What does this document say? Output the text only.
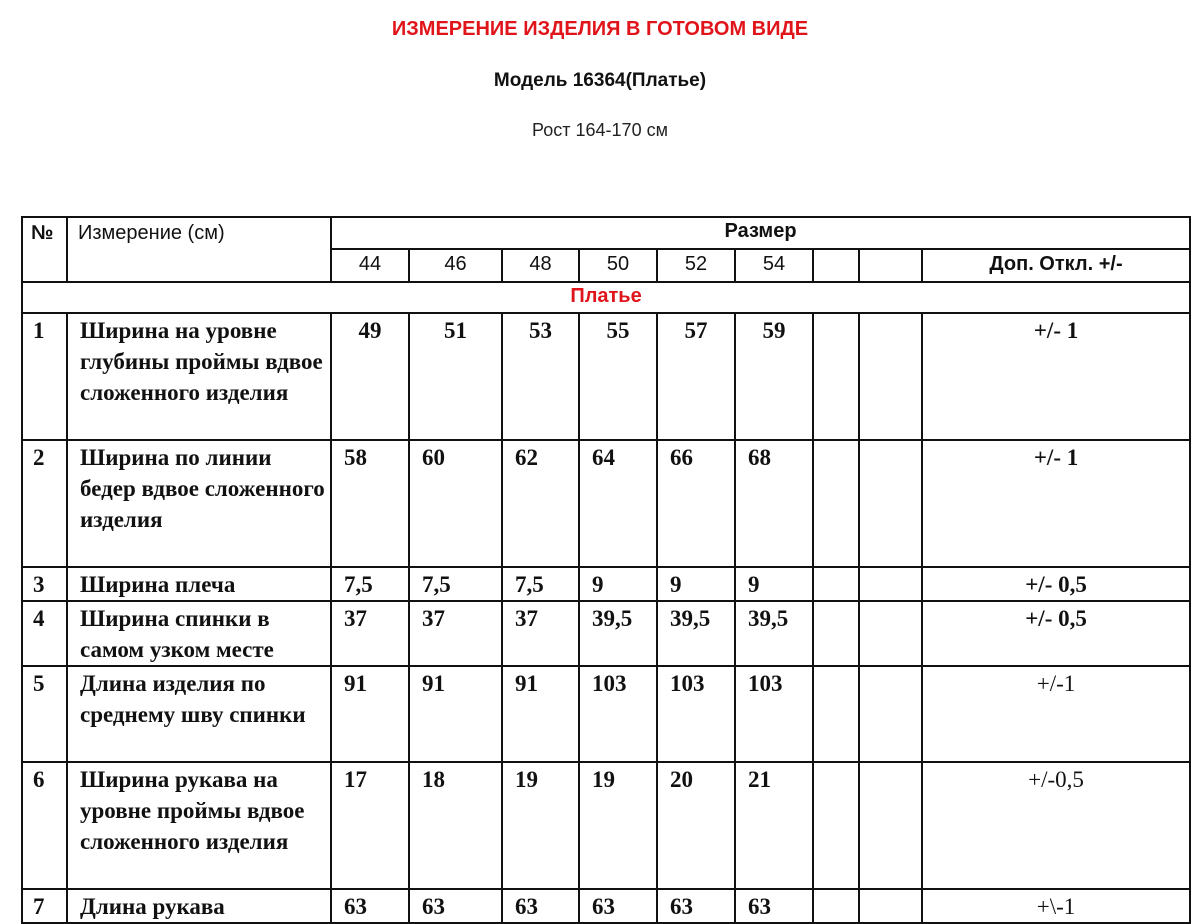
ИЗМЕРЕНИЕ ИЗДЕЛИЯ В ГОТОВОМ ВИДЕ
Модель 16364(Платье)
Рост 164-170 см
№	Измерение (см)	Размер								
		44	46	48	50	52	54			Доп. Откл. +/-
Платье										
1	Ширина на уровне глубины проймы вдвое сложенного изделия	49	51	53	55	57	59			+/- 1
2	Ширина по линии бедер вдвое сложенного изделия	58	60	62	64	66	68			+/- 1
3	Ширина плеча	7,5	7,5	7,5	9	9	9			+/- 0,5
4	Ширина спинки в самом узком месте	37	37	37	39,5	39,5	39,5			+/- 0,5
5	Длина изделия по среднему шву спинки	91	91	91	103	103	103			+/-1
6	Ширина рукава на уровне проймы вдвое сложенного изделия	17	18	19	19	20	21			+/-0,5
7	Длина рукава	63	63	63	63	63	63			+\-1
